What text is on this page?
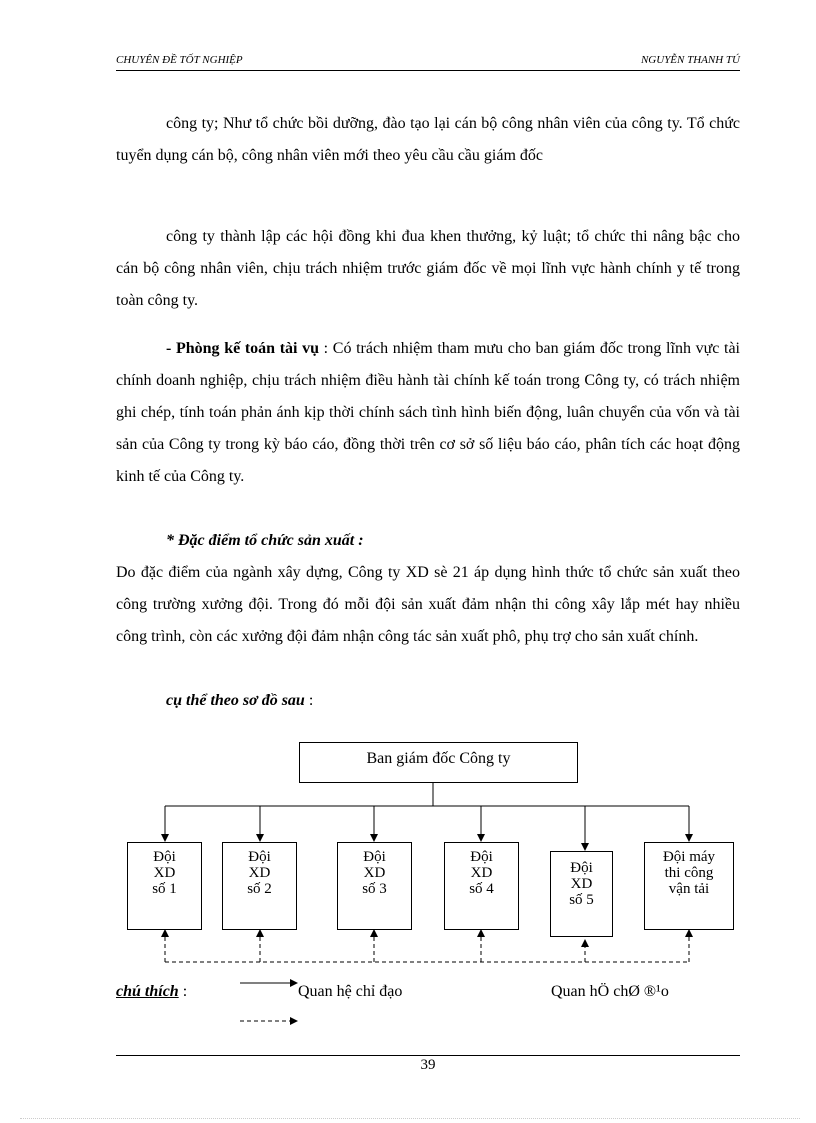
CHUYÊN ĐỀ TỐT NGHIỆP	NGUYỄN THANH TÚ

công ty; Như tổ chức bồi dưỡng, đào tạo lại cán bộ công nhân viên của công ty. Tổ chức tuyển dụng cán bộ, công nhân viên mới theo yêu cầu cầu giám đốc

công ty thành lập các hội đồng khi đua khen thưởng, kỷ luật; tổ chức thi nâng bậc cho cán bộ công nhân viên, chịu trách nhiệm trước giám đốc về mọi lĩnh vực hành chính y tế trong toàn công ty.

- Phòng kế toán tài vụ : Có trách nhiệm tham mưu cho ban giám đốc trong lĩnh vực tài chính doanh nghiệp, chịu trách nhiệm điều hành tài chính kế toán trong Công ty, có trách nhiệm ghi chép, tính toán phản ánh kịp thời chính sách tình hình biến động, luân chuyển của vốn và tài sản của Công ty trong kỳ báo cáo, đồng thời trên cơ sở số liệu báo cáo, phân tích các hoạt động kinh tế của Công ty.

* Đặc điểm tổ chức sản xuất :

Do đặc điểm của ngành xây dựng, Công ty XD sè 21 áp dụng hình thức tổ chức sản xuất theo công trường xưởng đội. Trong đó mỗi đội sản xuất đảm nhận thi công xây lắp mét hay nhiều công trình, còn các xưởng đội đảm nhận công tác sản xuất phô, phụ trợ cho sản xuất chính.

cụ thể theo sơ đồ sau :

Ban giám đốc Công ty
Đội
XD
số 1
Đội
XD
số 2
Đội
XD
số 3
Đội
XD
số 4
Đội
XD
số 5
Đội máy
thi công
vận tải
chú thích :	Quan hệ chỉ đạo	Quan hÖ chØ ®¹o
39
